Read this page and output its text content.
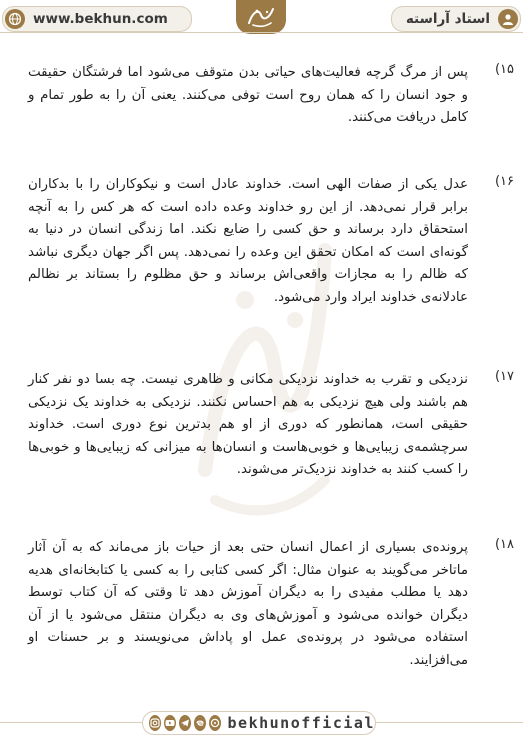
www.bekhun.com	استاد آراسته
۱۵)

پس از مرگ گرچه فعالیت‌های حیاتی بدن متوقف می‌شود اما فرشتگان حقیقت و جود انسان را که همان روح است توفی می‌کنند. یعنی آن را به طور تمام و کامل دریافت می‌کنند.

۱۶)

عدل یکی از صفات الهی است. خداوند عادل است و نیکوکاران را با بدکاران برابر قرار نمی‌دهد. از این رو خداوند وعده داده است که هر کس را به آنچه استحقاق دارد برساند و حق کسی را ضایع نکند. اما زندگی انسان در دنیا به گونه‌ای است که امکان تحقق این وعده را نمی‌دهد. پس اگر جهان دیگری نباشد که ظالم را به مجازات واقعی‌اش برساند و حق مظلوم را بستاند بر نظالم عادلانه‌ی خداوند ایراد وارد می‌شود.

۱۷)

نزدیکی و تقرب به خداوند نزدیکی مکانی و ظاهری نیست. چه بسا دو نفر کنار هم باشند ولی هیچ نزدیکی به هم احساس نکنند. نزدیکی به خداوند یک نزدیکی حقیقی است، همانطور که دوری از او هم بدترین نوع دوری است. خداوند سرچشمه‌ی زیبایی‌ها و خوبی‌هاست و انسان‌ها به میزانی که زیبایی‌ها و خوبی‌ها را کسب کنند به خداوند نزدیک‌تر می‌شوند.

۱۸)

پرونده‌ی بسیاری از اعمال انسان حتی بعد از حیات باز می‌ماند که به آن آثار ماتاخر می‌گویند به عنوان مثال: اگر کسی کتابی را به کسی یا کتابخانه‌ای هدیه دهد یا مطلب مفیدی را به دیگران آموزش دهد تا وقتی که آن کتاب توسط دیگران خوانده می‌شود و آموزش‌های وی به دیگران منتقل می‌شود یا از آن استفاده می‌شود در پرونده‌ی عمل او پاداش می‌نویسند و بر حسنات او می‌افزایند.

bekhunofficial
